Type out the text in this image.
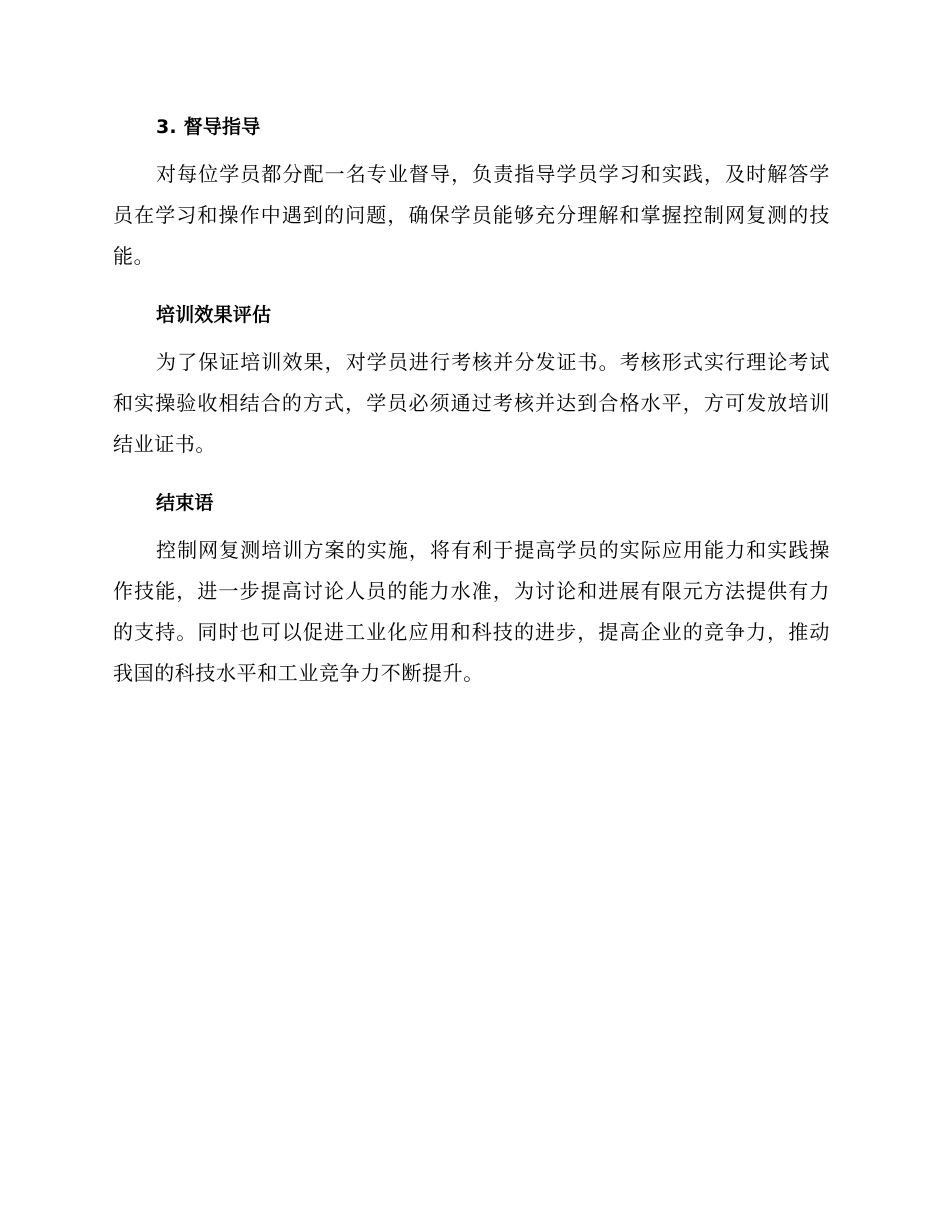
3. 督导指导

对每位学员都分配一名专业督导，负责指导学员学习和实践，及时解答学员在学习和操作中遇到的问题，确保学员能够充分理解和掌握控制网复测的技能。

培训效果评估

为了保证培训效果，对学员进行考核并分发证书。考核形式实行理论考试和实操验收相结合的方式，学员必须通过考核并达到合格水平，方可发放培训结业证书。

结束语

控制网复测培训方案的实施，将有利于提高学员的实际应用能力和实践操作技能，进一步提高讨论人员的能力水准，为讨论和进展有限元方法提供有力的支持。同时也可以促进工业化应用和科技的进步，提高企业的竞争力，推动我国的科技水平和工业竞争力不断提升。
